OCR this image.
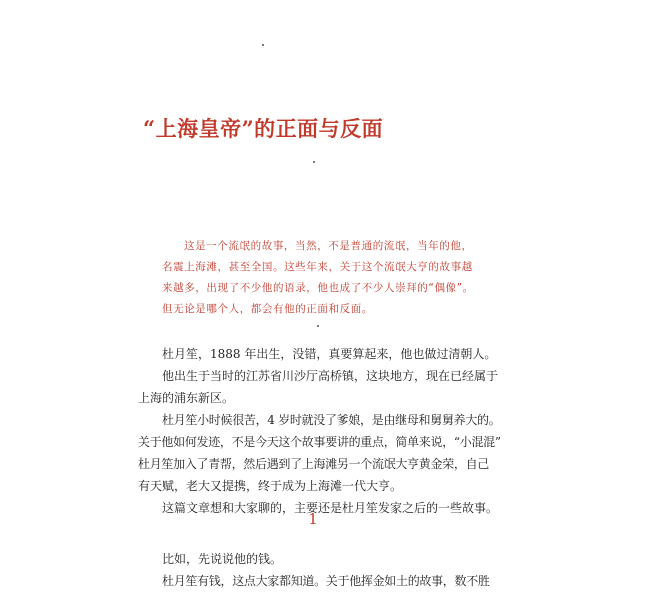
“上海皇帝”的正面与反面
这是一个流氓的故事，当然，不是普通的流氓，当年的他，
名震上海滩，甚至全国。这些年来，关于这个流氓大亨的故事越
来越多，出现了不少他的语录，他也成了不少人崇拜的“偶像”。
但无论是哪个人，都会有他的正面和反面。
杜月笙，1888 年出生，没错，真要算起来，他也做过清朝人。
他出生于当时的江苏省川沙厅高桥镇，这块地方，现在已经属于
上海的浦东新区。
杜月笙小时候很苦，4 岁时就没了爹娘，是由继母和舅舅养大的。
关于他如何发迹，不是今天这个故事要讲的重点，简单来说，“小混混”
杜月笙加入了青帮，然后遇到了上海滩另一个流氓大亨黄金荣，自己
有天赋，老大又提携，终于成为上海滩一代大亨。
这篇文章想和大家聊的，主要还是杜月笙发家之后的一些故事。
1
比如，先说说他的钱。
杜月笙有钱，这点大家都知道。关于他挥金如土的故事，数不胜
